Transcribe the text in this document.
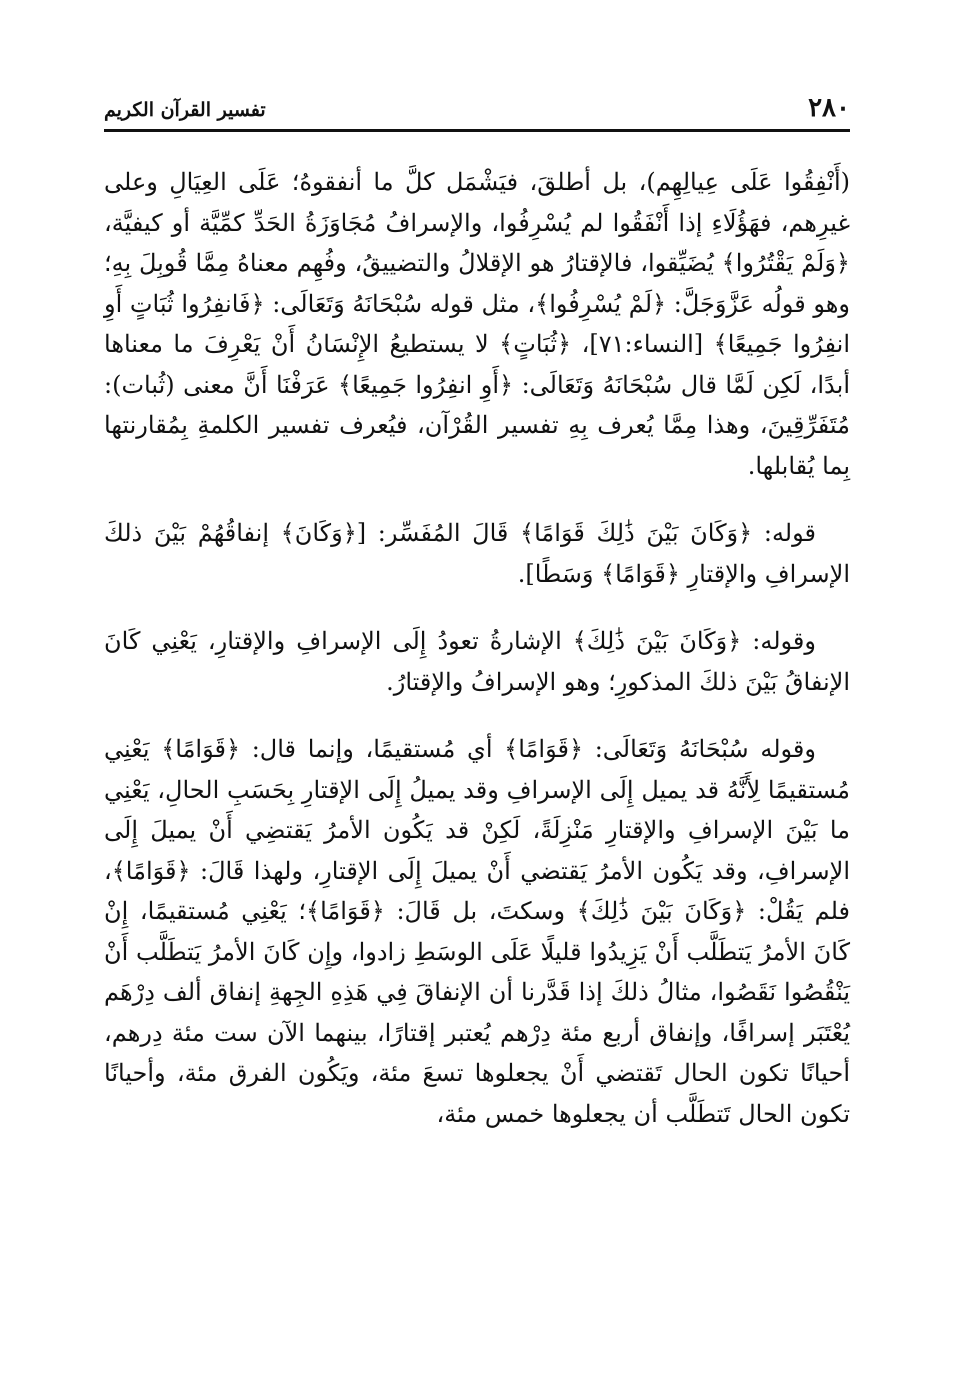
٢٨٠
تفسير القرآن الكريم

(أَنْفِقُوا عَلَى عِيالِهِم)، بل أطلقَ، فيَشْمَل كلَّ ما أنفقوهُ؛ عَلَى العِيَالِ وعلى غيرِهم، فهَؤُلَاءِ إذا أَنْفَقُوا لم يُسْرِفُوا، والإسرافُ مُجَاوَزَةُ الحَدِّ كمِّيَّة أو كيفيَّة، ﴿وَلَمْ يَقْتُرُوا﴾ يُضَيِّقوا، فالإقتارُ هو الإقلالُ والتضييقُ، وفُهِم معناهُ مِمَّا قُوبِلَ بِهِ؛ وهو قولُه عَزَّوَجَلَّ: ﴿لَمْ يُسْرِفُوا﴾، مثل قوله سُبْحَانَهُ وَتَعَالَى: ﴿فَانفِرُوا ثُبَاتٍ أَوِ انفِرُوا جَمِيعًا﴾ [النساء:٧١]، ﴿ثُبَاتٍ﴾ لا يستطيعُ الإِنْسَانُ أَنْ يَعْرِفَ ما معناها أبدًا، لَكِن لَمَّا قال سُبْحَانَهُ وَتَعَالَى: ﴿أَوِ انفِرُوا جَمِيعًا﴾ عَرَفْنَا أَنَّ معنى (ثُبات): مُتَفَرِّقِينَ، وهذا مِمَّا يُعرف بِهِ تفسير القُرْآن، فيُعرف تفسير الكلمةِ بِمُقارنتها بِما يُقابلها.

قوله: ﴿وَكَانَ بَيْنَ ذَٰلِكَ قَوَامًا﴾ قَالَ المُفَسِّر: [﴿وَكَانَ﴾ إنفاقُهُمْ بَيْنَ ذلكَ الإسرافِ والإقتارِ ﴿قَوَامًا﴾ وَسَطًا].

وقوله: ﴿وَكَانَ بَيْنَ ذَٰلِكَ﴾ الإشارةُ تعودُ إِلَى الإسرافِ والإقتارِ، يَعْنِي كَانَ الإنفاقُ بَيْنَ ذلكَ المذكورِ؛ وهو الإسرافُ والإقتارُ.

وقوله سُبْحَانَهُ وَتَعَالَى: ﴿قَوَامًا﴾ أي مُستقيمًا، وإنما قال: ﴿قَوَامًا﴾ يَعْنِي مُستقيمًا لِأَنَّهُ قد يميل إِلَى الإسرافِ وقد يميلُ إِلَى الإقتارِ بِحَسَبِ الحالِ، يَعْنِي ما بَيْنَ الإسرافِ والإقتارِ مَنْزِلَةً، لَكِنْ قد يَكُون الأمرُ يَقتضِي أَنْ يميلَ إِلَى الإسرافِ، وقد يَكُون الأمرُ يَقتضي أَنْ يميلَ إِلَى الإقتارِ، ولهذا قَالَ: ﴿قَوَامًا﴾، فلم يَقُلْ: ﴿وَكَانَ بَيْنَ ذَٰلِكَ﴾ وسكتَ، بل قَالَ: ﴿قَوَامًا﴾؛ يَعْنِي مُستقيمًا، إِنْ كَانَ الأمرُ يَتطَلَّب أَنْ يَزِيدُوا قليلًا عَلَى الوسَطِ زادوا، وإِن كَانَ الأمرُ يَتطَلَّب أَنْ يَنْقُصُوا نَقَصُوا، مثالُ ذلكَ إذا قَدَّرنا أن الإنفاقَ فِي هَذِهِ الجِهةِ إنفاق ألف دِرْهَم يُعْتَبَر إسرافًا، وإنفاق أربع مئة دِرْهم يُعتبر إقتارًا، بينهما الآن ست مئة دِرهم، أحيانًا تكون الحال تَقتضي أَنْ يجعلوها تسعَ مئة، ويَكُون الفرق مئة، وأحيانًا تكون الحال تَتطَلَّب أن يجعلوها خمس مئة،
